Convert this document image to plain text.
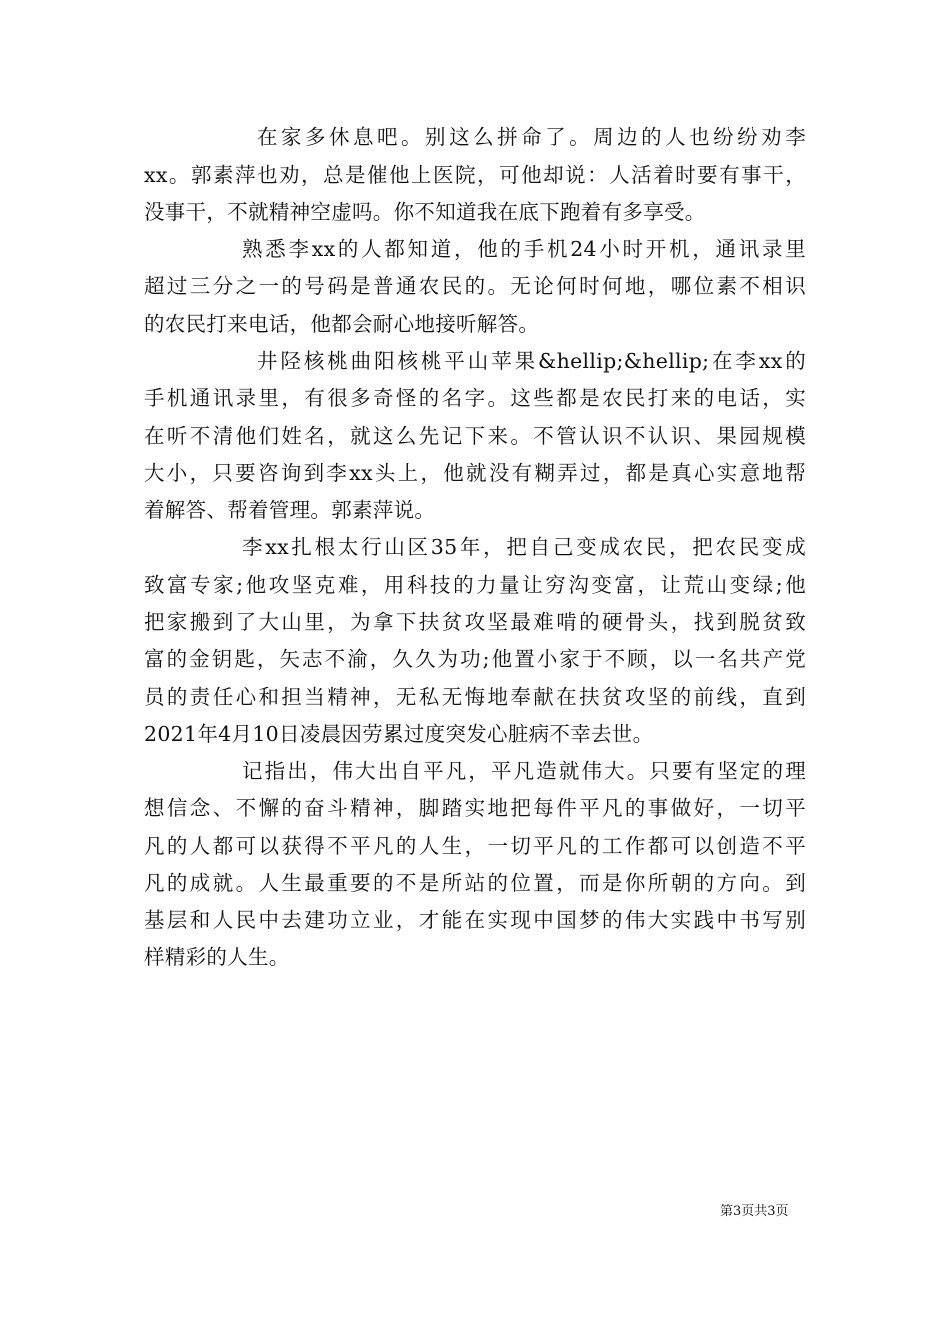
在家多休息吧。别这么拼命了。周边的人也纷纷劝李
xx。郭素萍也劝，总是催他上医院，可他却说：人活着时要有事干，
没事干，不就精神空虚吗。你不知道我在底下跑着有多享受。
熟悉李xx的人都知道，他的手机24小时开机，通讯录里
超过三分之一的号码是普通农民的。无论何时何地，哪位素不相识
的农民打来电话，他都会耐心地接听解答。
井陉核桃曲阳核桃平山苹果&hellip;&hellip;在李xx的
手机通讯录里，有很多奇怪的名字。这些都是农民打来的电话，实
在听不清他们姓名，就这么先记下来。不管认识不认识、果园规模
大小，只要咨询到李xx头上，他就没有糊弄过，都是真心实意地帮
着解答、帮着管理。郭素萍说。
李xx扎根太行山区35年，把自己变成农民，把农民变成
致富专家;他攻坚克难，用科技的力量让穷沟变富，让荒山变绿;他
把家搬到了大山里，为拿下扶贫攻坚最难啃的硬骨头，找到脱贫致
富的金钥匙，矢志不渝，久久为功;他置小家于不顾，以一名共产党
员的责任心和担当精神，无私无悔地奉献在扶贫攻坚的前线，直到
2021年4月10日凌晨因劳累过度突发心脏病不幸去世。
记指出，伟大出自平凡，平凡造就伟大。只要有坚定的理
想信念、不懈的奋斗精神，脚踏实地把每件平凡的事做好，一切平
凡的人都可以获得不平凡的人生，一切平凡的工作都可以创造不平
凡的成就。人生最重要的不是所站的位置，而是你所朝的方向。到
基层和人民中去建功立业，才能在实现中国梦的伟大实践中书写别
样精彩的人生。
第3页共3页
